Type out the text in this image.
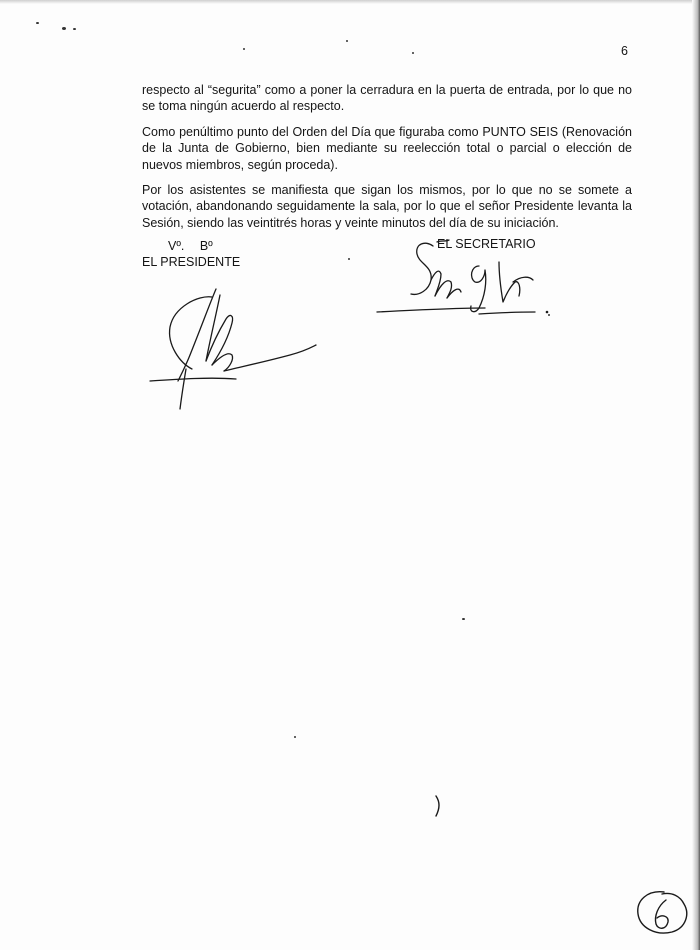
6

respecto al “segurita” como a poner la cerradura en la puerta de entrada, por lo que no se toma ningún acuerdo al respecto.

Como penúltimo punto del Orden del Día que figuraba como PUNTO SEIS (Renovación de la Junta de Gobierno, bien mediante su reelección total o parcial o elección de nuevos miembros, según proceda).

Por los asistentes se manifiesta que sigan los mismos, por lo que no se somete a votación, abandonando seguidamente la sala, por lo que el señor Presidente levanta la Sesión, siendo las veintitrés horas y veinte minutos del día de su iniciación.

Vº. Bº
EL PRESIDENTE
EL SECRETARIO
